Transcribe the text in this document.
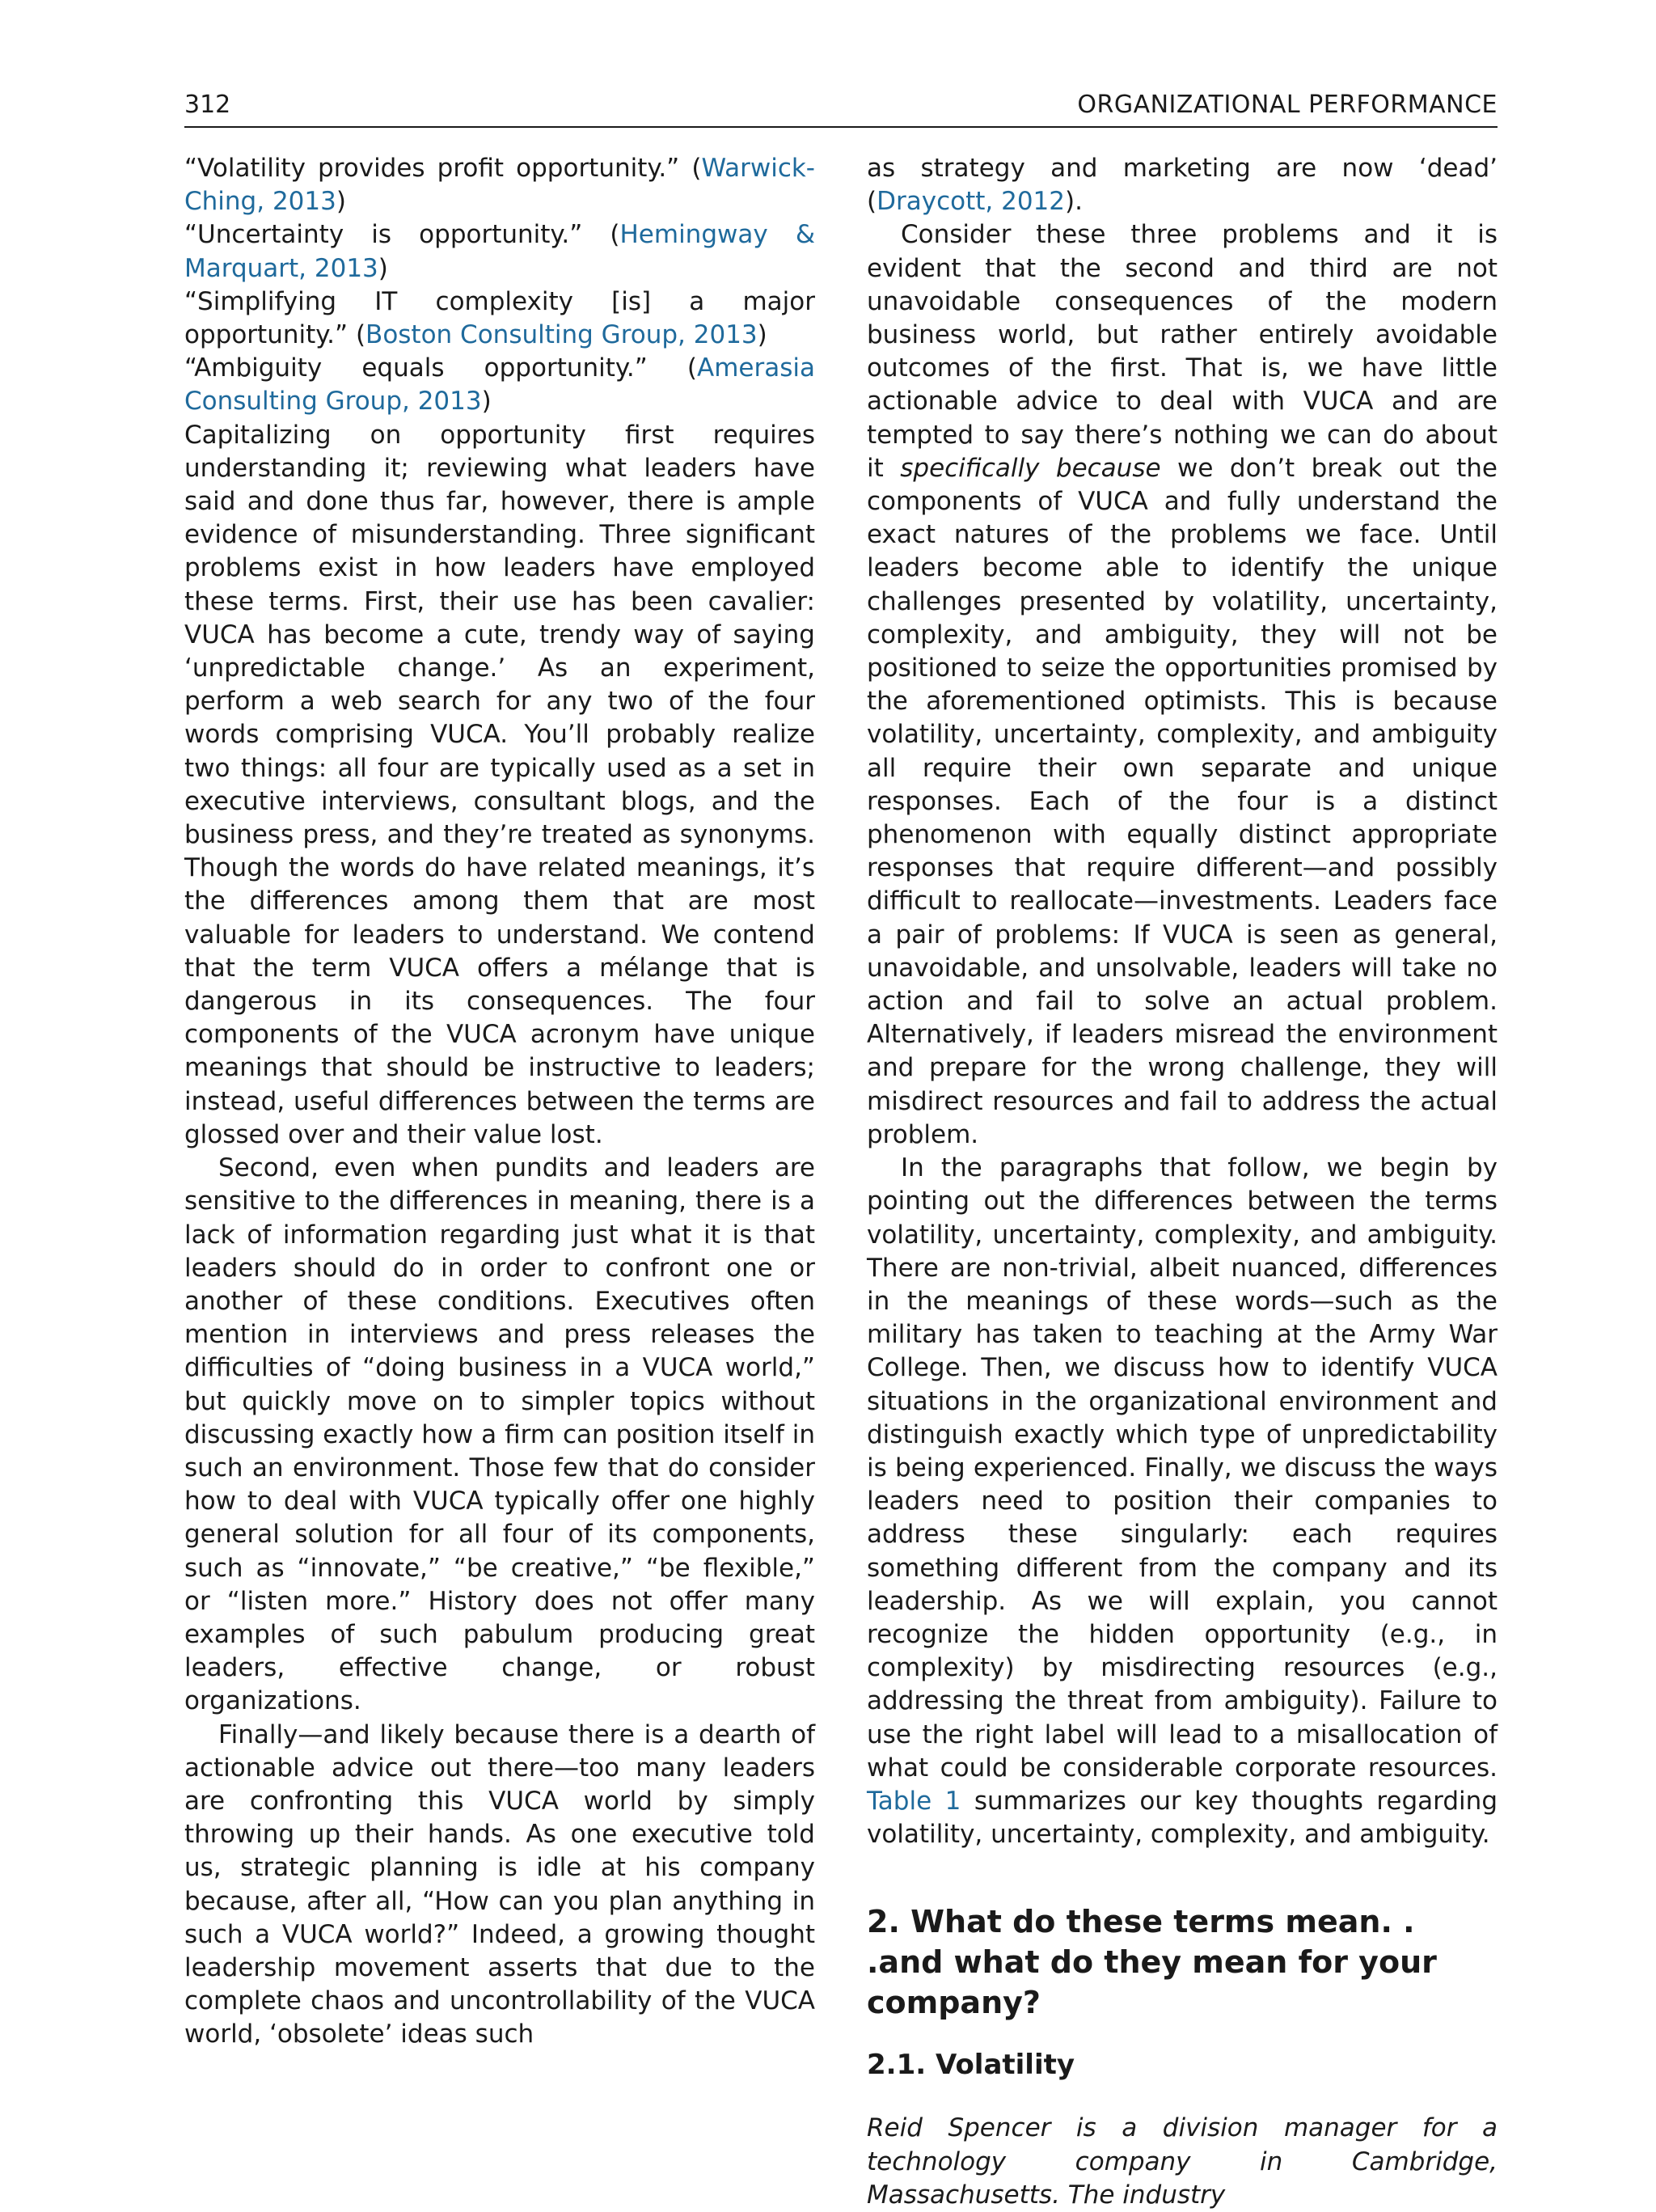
312	ORGANIZATIONAL PERFORMANCE

“Volatility provides profit opportunity.” (Warwick-Ching, 2013)

“Uncertainty is opportunity.” (Hemingway & Marquart, 2013)

“Simplifying IT complexity [is] a major opportunity.” (Boston Consulting Group, 2013)

“Ambiguity equals opportunity.” (Amerasia Consulting Group, 2013)

Capitalizing on opportunity first requires understanding it; reviewing what leaders have said and done thus far, however, there is ample evidence of misunderstanding. Three significant problems exist in how leaders have employed these terms. First, their use has been cavalier: VUCA has become a cute, trendy way of saying ‘unpredictable change.’ As an experiment, perform a web search for any two of the four words comprising VUCA. You’ll probably realize two things: all four are typically used as a set in executive interviews, consultant blogs, and the business press, and they’re treated as synonyms. Though the words do have related meanings, it’s the differences among them that are most valuable for leaders to understand. We contend that the term VUCA offers a mélange that is dangerous in its consequences. The four components of the VUCA acronym have unique meanings that should be instructive to leaders; instead, useful differences between the terms are glossed over and their value lost.

Second, even when pundits and leaders are sensitive to the differences in meaning, there is a lack of information regarding just what it is that leaders should do in order to confront one or another of these conditions. Executives often mention in interviews and press releases the difficulties of “doing business in a VUCA world,” but quickly move on to simpler topics without discussing exactly how a firm can position itself in such an environment. Those few that do consider how to deal with VUCA typically offer one highly general solution for all four of its components, such as “innovate,” “be creative,” “be flexible,” or “listen more.” History does not offer many examples of such pabulum producing great leaders, effective change, or robust organizations.

Finally—and likely because there is a dearth of actionable advice out there—too many leaders are confronting this VUCA world by simply throwing up their hands. As one executive told us, strategic planning is idle at his company because, after all, “How can you plan anything in such a VUCA world?” Indeed, a growing thought leadership movement asserts that due to the complete chaos and uncontrollability of the VUCA world, ‘obsolete’ ideas such

as strategy and marketing are now ‘dead’ (Draycott, 2012).

Consider these three problems and it is evident that the second and third are not unavoidable consequences of the modern business world, but rather entirely avoidable outcomes of the first. That is, we have little actionable advice to deal with VUCA and are tempted to say there’s nothing we can do about it specifically because we don’t break out the components of VUCA and fully understand the exact natures of the problems we face. Until leaders become able to identify the unique challenges presented by volatility, uncertainty, complexity, and ambiguity, they will not be positioned to seize the opportunities promised by the aforementioned optimists. This is because volatility, uncertainty, complexity, and ambiguity all require their own separate and unique responses. Each of the four is a distinct phenomenon with equally distinct appropriate responses that require different—and possibly difficult to reallocate—investments. Leaders face a pair of problems: If VUCA is seen as general, unavoidable, and unsolvable, leaders will take no action and fail to solve an actual problem. Alternatively, if leaders misread the environment and prepare for the wrong challenge, they will misdirect resources and fail to address the actual problem.

In the paragraphs that follow, we begin by pointing out the differences between the terms volatility, uncertainty, complexity, and ambiguity. There are non-trivial, albeit nuanced, differences in the meanings of these words—such as the military has taken to teaching at the Army War College. Then, we discuss how to identify VUCA situations in the organizational environment and distinguish exactly which type of unpredictability is being experienced. Finally, we discuss the ways leaders need to position their companies to address these singularly: each requires something different from the company and its leadership. As we will explain, you cannot recognize the hidden opportunity (e.g., in complexity) by misdirecting resources (e.g., addressing the threat from ambiguity). Failure to use the right label will lead to a misallocation of what could be considerable corporate resources. Table 1 summarizes our key thoughts regarding volatility, uncertainty, complexity, and ambiguity.

2. What do these terms mean. . .and what do they mean for your company?
2.1. Volatility

Reid Spencer is a division manager for a technology company in Cambridge, Massachusetts. The industry
